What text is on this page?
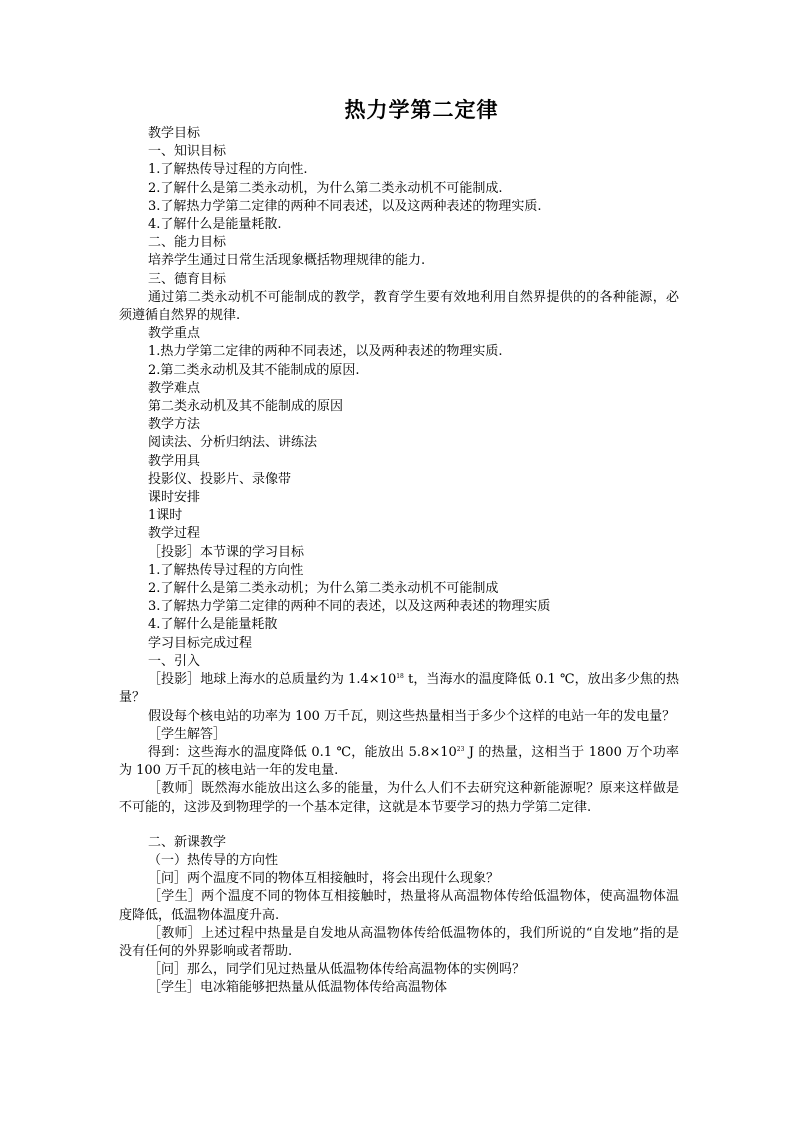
热力学第二定律

教学目标

一、知识目标

1.了解热传导过程的方向性.

2.了解什么是第二类永动机，为什么第二类永动机不可能制成.

3.了解热力学第二定律的两种不同表述，以及这两种表述的物理实质.

4.了解什么是能量耗散.

二、能力目标

培养学生通过日常生活现象概括物理规律的能力.

三、德育目标

通过第二类永动机不可能制成的教学，教育学生要有效地利用自然界提供的的各种能源，必须遵循自然界的规律.

教学重点

1.热力学第二定律的两种不同表述，以及两种表述的物理实质.

2.第二类永动机及其不能制成的原因.

教学难点

第二类永动机及其不能制成的原因

教学方法

阅读法、分析归纳法、讲练法

教学用具

投影仪、投影片、录像带

课时安排

1课时

教学过程

［投影］本节课的学习目标

1.了解热传导过程的方向性

2.了解什么是第二类永动机；为什么第二类永动机不可能制成

3.了解热力学第二定律的两种不同的表述，以及这两种表述的物理实质

4.了解什么是能量耗散

学习目标完成过程

一、引入

［投影］地球上海水的总质量约为 $1.4\times 10^{18}$ t，当海水的温度降低 0.1 ℃，放出多少焦的热量？

假设每个核电站的功率为 100 万千瓦，则这些热量相当于多少个这样的电站一年的发电量？

［学生解答］

得到：这些海水的温度降低 0.1 ℃，能放出 $5.8\times 10^{23}$ J 的热量，这相当于 1800 万个功率为 100 万千瓦的核电站一年的发电量.

［教师］既然海水能放出这么多的能量，为什么人们不去研究这种新能源呢？原来这样做是不可能的，这涉及到物理学的一个基本定律，这就是本节要学习的热力学第二定律.

二、新课教学

（一）热传导的方向性

［问］两个温度不同的物体互相接触时，将会出现什么现象？

［学生］两个温度不同的物体互相接触时，热量将从高温物体传给低温物体，使高温物体温度降低，低温物体温度升高.

［教师］上述过程中热量是自发地从高温物体传给低温物体的，我们所说的“自发地”指的是没有任何的外界影响或者帮助.

［问］那么，同学们见过热量从低温物体传给高温物体的实例吗？

［学生］电冰箱能够把热量从低温物体传给高温物体
